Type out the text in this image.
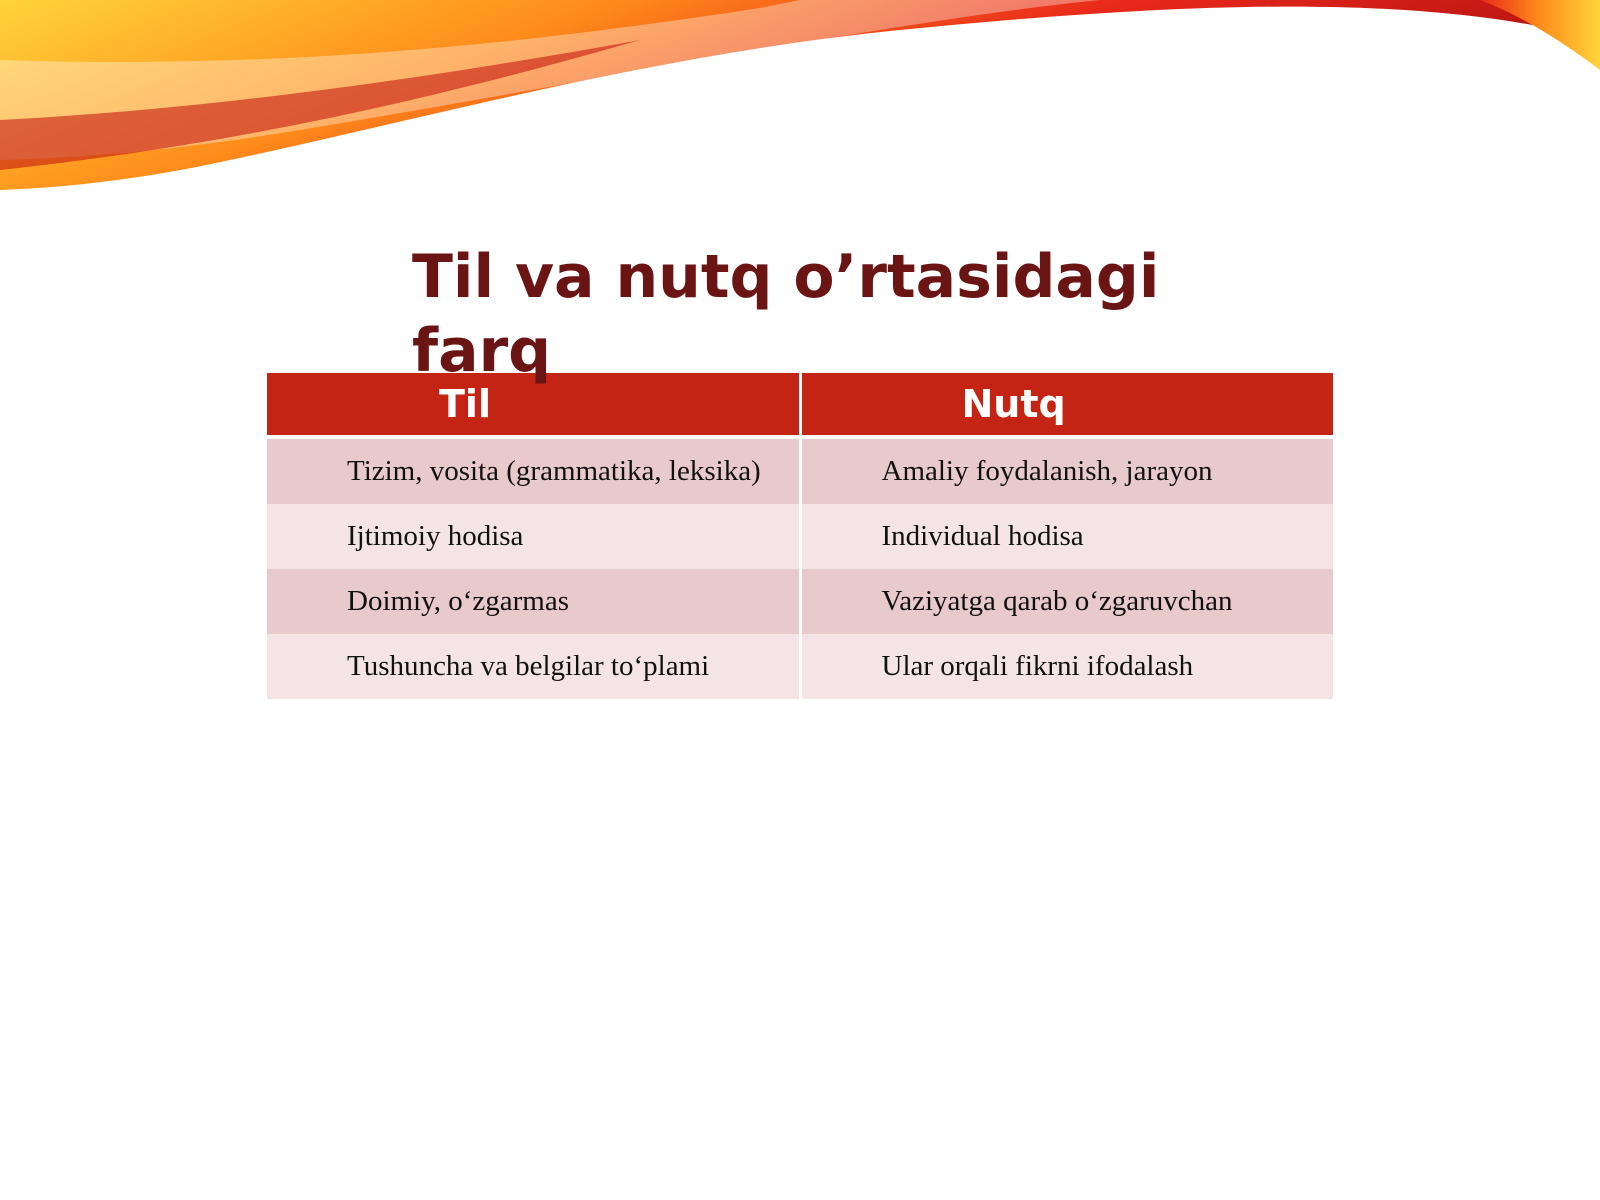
Til va nutq o’rtasidagi farq
Til	Nutq
Tizim, vosita (grammatika, leksika)	Amaliy foydalanish, jarayon
Ijtimoiy hodisa	Individual hodisa
Doimiy, o‘zgarmas	Vaziyatga qarab o‘zgaruvchan
Tushuncha va belgilar to‘plami	Ular orqali fikrni ifodalash
